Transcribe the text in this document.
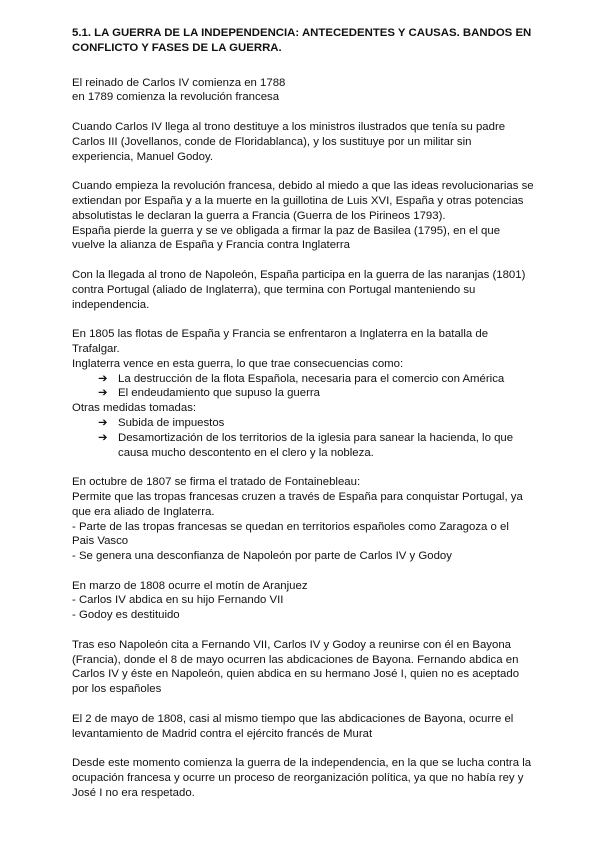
5.1. LA GUERRA DE LA INDEPENDENCIA: ANTECEDENTES Y CAUSAS. BANDOS EN CONFLICTO Y FASES DE LA GUERRA.

El reinado de Carlos IV comienza en 1788

en 1789 comienza la revolución francesa

Cuando Carlos IV llega al trono destituye a los ministros ilustrados que tenía su padre Carlos III (Jovellanos, conde de Floridablanca), y los sustituye por un militar sin experiencia, Manuel Godoy.

Cuando empieza la revolución francesa, debido al miedo a que las ideas revolucionarias se extiendan por España y a la muerte en la guillotina de Luis XVI, España y otras potencias absolutistas le declaran la guerra a Francia (Guerra de los Pirineos 1793).

España pierde la guerra y se ve obligada a firmar la paz de Basilea (1795), en el que vuelve la alianza de España y Francia contra Inglaterra

Con la llegada al trono de Napoleón, España participa en la guerra de las naranjas (1801) contra Portugal (aliado de Inglaterra), que termina con Portugal manteniendo su independencia.

En 1805 las flotas de España y Francia se enfrentaron a Inglaterra en la batalla de Trafalgar.

Inglaterra vence en esta guerra, lo que trae consecuencias como:

➔ La destrucción de la flota Española, necesaria para el comercio con América
➔ El endeudamiento que supuso la guerra

Otras medidas tomadas:

➔ Subida de impuestos
➔ Desamortización de los territorios de la iglesia para sanear la hacienda, lo que causa mucho descontento en el clero y la nobleza.

En octubre de 1807 se firma el tratado de Fontainebleau:

Permite que las tropas francesas cruzen a través de España para conquistar Portugal, ya que era aliado de Inglaterra.

- Parte de las tropas francesas se quedan en territorios españoles como Zaragoza o el Pais Vasco

- Se genera una desconfianza de Napoleón por parte de Carlos IV y Godoy

En marzo de 1808 ocurre el motín de Aranjuez

- Carlos IV abdica en su hijo Fernando VII

- Godoy es destituido

Tras eso Napoleón cita a Fernando VII, Carlos IV y Godoy a reunirse con él en Bayona (Francia), donde el 8 de mayo ocurren las abdicaciones de Bayona. Fernando abdica en Carlos IV y éste en Napoleón, quien abdica en su hermano José I, quien no es aceptado por los españoles

El 2 de mayo de 1808, casi al mismo tiempo que las abdicaciones de Bayona, ocurre el levantamiento de Madrid contra el ejército francés de Murat

Desde este momento comienza la guerra de la independencia, en la que se lucha contra la ocupación francesa y ocurre un proceso de reorganización política, ya que no había rey y José I no era respetado.
